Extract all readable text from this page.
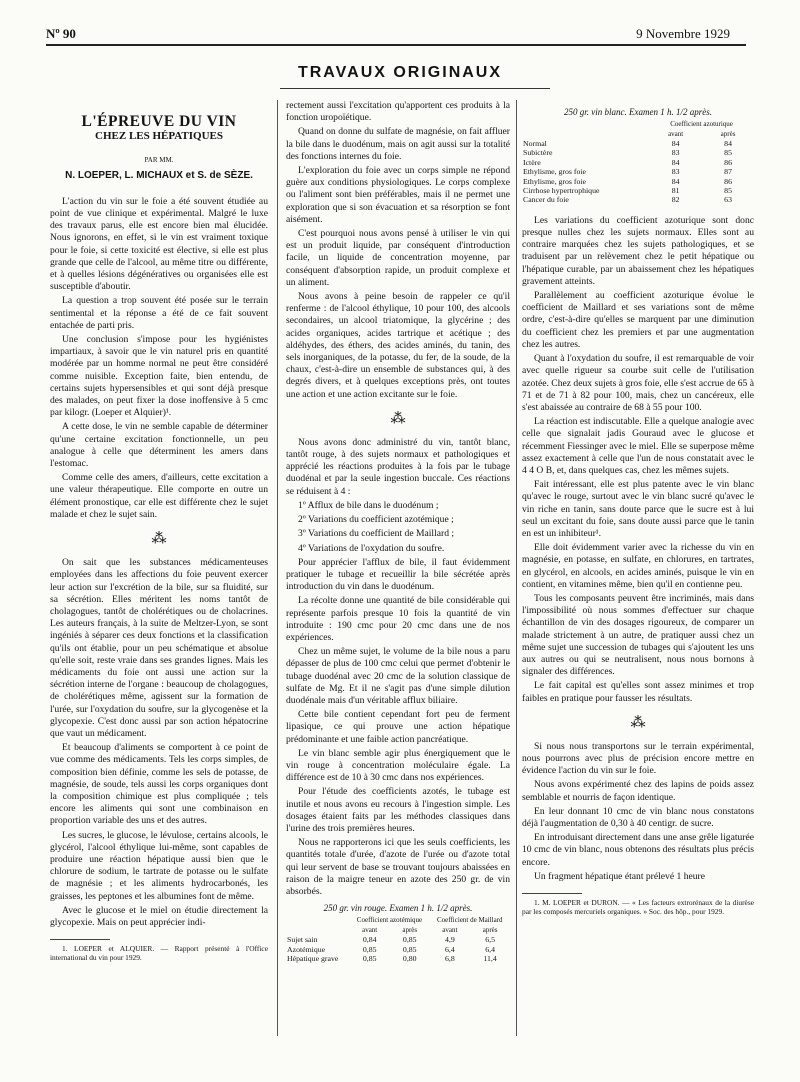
Nº 90	9 Novembre 1929
TRAVAUX ORIGINAUX
L'ÉPREUVE DU VIN
CHEZ LES HÉPATIQUES
PAR MM.
N. LOEPER, L. MICHAUX et S. de SÈZE.

L'action du vin sur le foie a été souvent étudiée au point de vue clinique et expérimental. Malgré le luxe des travaux parus, elle est encore bien mal élucidée. Nous ignorons, en effet, si le vin est vraiment toxique pour le foie, si cette toxicité est élective, si elle est plus grande que celle de l'alcool, au même titre ou différente, et à quelles lésions dégénératives ou organisées elle est susceptible d'aboutir.

La question a trop souvent été posée sur le terrain sentimental et la réponse a été de ce fait souvent entachée de parti pris.

Une conclusion s'impose pour les hygiénistes impartiaux, à savoir que le vin naturel pris en quantité modérée par un homme normal ne peut être considéré comme nuisible. Exception faite, bien entendu, de certains sujets hypersensibles et qui sont déjà presque des malades, on peut fixer la dose inoffensive à 5 cmc par kilogr. (Loeper et Alquier)¹.

A cette dose, le vin ne semble capable de déterminer qu'une certaine excitation fonctionnelle, un peu analogue à celle que déterminent les amers dans l'estomac.

Comme celle des amers, d'ailleurs, cette excitation a une valeur thérapeutique. Elle comporte en outre un élément pronostique, car elle est différente chez le sujet malade et chez le sujet sain.

⁂

On sait que les substances médicamenteuses employées dans les affections du foie peuvent exercer leur action sur l'excrétion de la bile, sur sa fluidité, sur sa sécrétion. Elles méritent les noms tantôt de cholagogues, tantôt de cholérétiques ou de cholacrines. Les auteurs français, à la suite de Meltzer-Lyon, se sont ingéniés à séparer ces deux fonctions et la classification qu'ils ont établie, pour un peu schématique et absolue qu'elle soit, reste vraie dans ses grandes lignes. Mais les médicaments du foie ont aussi une action sur la sécrétion interne de l'organe : beaucoup de cholagogues, de cholérétiques même, agissent sur la formation de l'urée, sur l'oxydation du soufre, sur la glycogenèse et la glycopexie. C'est donc aussi par son action hépatocrine que vaut un médicament.

Et beaucoup d'aliments se comportent à ce point de vue comme des médicaments. Tels les corps simples, de composition bien définie, comme les sels de potasse, de magnésie, de soude, tels aussi les corps organiques dont la composition chimique est plus compliquée ; tels encore les aliments qui sont une combinaison en proportion variable des uns et des autres.

Les sucres, le glucose, le lévulose, certains alcools, le glycérol, l'alcool éthylique lui-même, sont capables de produire une réaction hépatique aussi bien que le chlorure de sodium, le tartrate de potasse ou le sulfate de magnésie ; et les aliments hydrocarbonés, les graisses, les peptones et les albumines font de même.

Avec le glucose et le miel on étudie directement la glycopexie. Mais on peut apprécier indi-

1. LOEPER et ALQUIER. — Rapport présenté à l'Office international du vin pour 1929.

rectement aussi l'excitation qu'apportent ces produits à la fonction uropoïétique.

Quand on donne du sulfate de magnésie, on fait affluer la bile dans le duodénum, mais on agit aussi sur la totalité des fonctions internes du foie.

L'exploration du foie avec un corps simple ne répond guère aux conditions physiologiques. Le corps complexe ou l'aliment sont bien préférables, mais il ne permet une exploration que si son évacuation et sa résorption se font aisément.

C'est pourquoi nous avons pensé à utiliser le vin qui est un produit liquide, par conséquent d'introduction facile, un liquide de concentration moyenne, par conséquent d'absorption rapide, un produit complexe et un aliment.

Nous avons à peine besoin de rappeler ce qu'il renferme : de l'alcool éthylique, 10 pour 100, des alcools secondaires, un alcool triatomique, la glycérine ; des acides organiques, acides tartrique et acétique ; des aldéhydes, des éthers, des acides aminés, du tanin, des sels inorganiques, de la potasse, du fer, de la soude, de la chaux, c'est-à-dire un ensemble de substances qui, à des degrés divers, et à quelques exceptions près, ont toutes une action et une action excitante sur le foie.

⁂

Nous avons donc administré du vin, tantôt blanc, tantôt rouge, à des sujets normaux et pathologiques et apprécié les réactions produites à la fois par le tubage duodénal et par la seule ingestion buccale. Ces réactions se réduisent à 4 :

1º Afflux de bile dans le duodénum ;

2º Variations du coefficient azotémique ;

3º Variations du coefficient de Maillard ;

4º Variations de l'oxydation du soufre.

Pour apprécier l'afflux de bile, il faut évidemment pratiquer le tubage et recueillir la bile sécrétée après introduction du vin dans le duodénum.

La récolte donne une quantité de bile considérable qui représente parfois presque 10 fois la quantité de vin introduite : 190 cmc pour 20 cmc dans une de nos expériences.

Chez un même sujet, le volume de la bile nous a paru dépasser de plus de 100 cmc celui que permet d'obtenir le tubage duodénal avec 20 cmc de la solution classique de sulfate de Mg. Et il ne s'agit pas d'une simple dilution duodénale mais d'un véritable afflux biliaire.

Cette bile contient cependant fort peu de ferment lipasique, ce qui prouve une action hépatique prédominante et une faible action pancréatique.

Le vin blanc semble agir plus énergiquement que le vin rouge à concentration moléculaire égale. La différence est de 10 à 30 cmc dans nos expériences.

Pour l'étude des coefficients azotés, le tubage est inutile et nous avons eu recours à l'ingestion simple. Les dosages étaient faits par les méthodes classiques dans l'urine des trois premières heures.

Nous ne rapporterons ici que les seuls coefficients, les quantités totale d'urée, d'azote de l'urée ou d'azote total qui leur servent de base se trouvant toujours abaissées en raison de la maigre teneur en azote des 250 gr. de vin absorbés.

250 gr. vin rouge. Examen 1 h. 1/2 après.
	Coefficient azotémique		Coefficient de Maillard	
	avant	après	avant	après
Sujet sain	0,84	0,85	4,9	6,5
Azotémique	0,85	0,85	6,4	6,4
Hépatique grave	0,85	0,80	6,8	11,4
250 gr. vin blanc. Examen 1 h. 1/2 après.
	Coefficient azoturique	
	avant	après
Normal	84	84
Subictère	83	85
Ictère	84	86
Ethylisme, gros foie	83	87
Ethylisme, gros foie	84	86
Cirrhose hypertrophique	81	85
Cancer du foie	82	63

Les variations du coefficient azoturique sont donc presque nulles chez les sujets normaux. Elles sont au contraire marquées chez les sujets pathologiques, et se traduisent par un relèvement chez le petit hépatique ou l'hépatique curable, par un abaissement chez les hépatiques gravement atteints.

Parallèlement au coefficient azoturique évolue le coefficient de Maillard et ses variations sont de même ordre, c'est-à-dire qu'elles se marquent par une diminution du coefficient chez les premiers et par une augmentation chez les autres.

Quant à l'oxydation du soufre, il est remarquable de voir avec quelle rigueur sa courbe suit celle de l'utilisation azotée. Chez deux sujets à gros foie, elle s'est accrue de 65 à 71 et de 71 à 82 pour 100, mais, chez un cancéreux, elle s'est abaissée au contraire de 68 à 55 pour 100.

La réaction est indiscutable. Elle a quelque analogie avec celle que signalait jadis Gouraud avec le glucose et récemment Fiessinger avec le miel. Elle se superpose même assez exactement à celle que l'un de nous constatait avec le 4 4 O B, et, dans quelques cas, chez les mêmes sujets.

Fait intéressant, elle est plus patente avec le vin blanc qu'avec le rouge, surtout avec le vin blanc sucré qu'avec le vin riche en tanin, sans doute parce que le sucre est à lui seul un excitant du foie, sans doute aussi parce que le tanin en est un inhibiteur¹.

Elle doit évidemment varier avec la richesse du vin en magnésie, en potasse, en sulfate, en chlorures, en tartrates, en glycérol, en alcools, en acides aminés, puisque le vin en contient, en vitamines même, bien qu'il en contienne peu.

Tous les composants peuvent être incriminés, mais dans l'impossibilité où nous sommes d'effectuer sur chaque échantillon de vin des dosages rigoureux, de comparer un malade strictement à un autre, de pratiquer aussi chez un même sujet une succession de tubages qui s'ajoutent les uns aux autres ou qui se neutralisent, nous nous bornons à signaler des différences.

Le fait capital est qu'elles sont assez minimes et trop faibles en pratique pour fausser les résultats.

⁂

Si nous nous transportons sur le terrain expérimental, nous pourrons avec plus de précision encore mettre en évidence l'action du vin sur le foie.

Nous avons expérimenté chez des lapins de poids assez semblable et nourris de façon identique.

En leur donnant 10 cmc de vin blanc nous constatons déjà l'augmentation de 0,30 à 40 centigr. de sucre.

En introduisant directement dans une anse grêle ligaturée 10 cmc de vin blanc, nous obtenons des résultats plus précis encore.

Un fragment hépatique étant prélevé 1 heure

1. M. LOEPER et DURON. — « Les facteurs extrorénaux de la diurèse par les composés mercuriels organiques. » Soc. des hôp., pour 1929.
